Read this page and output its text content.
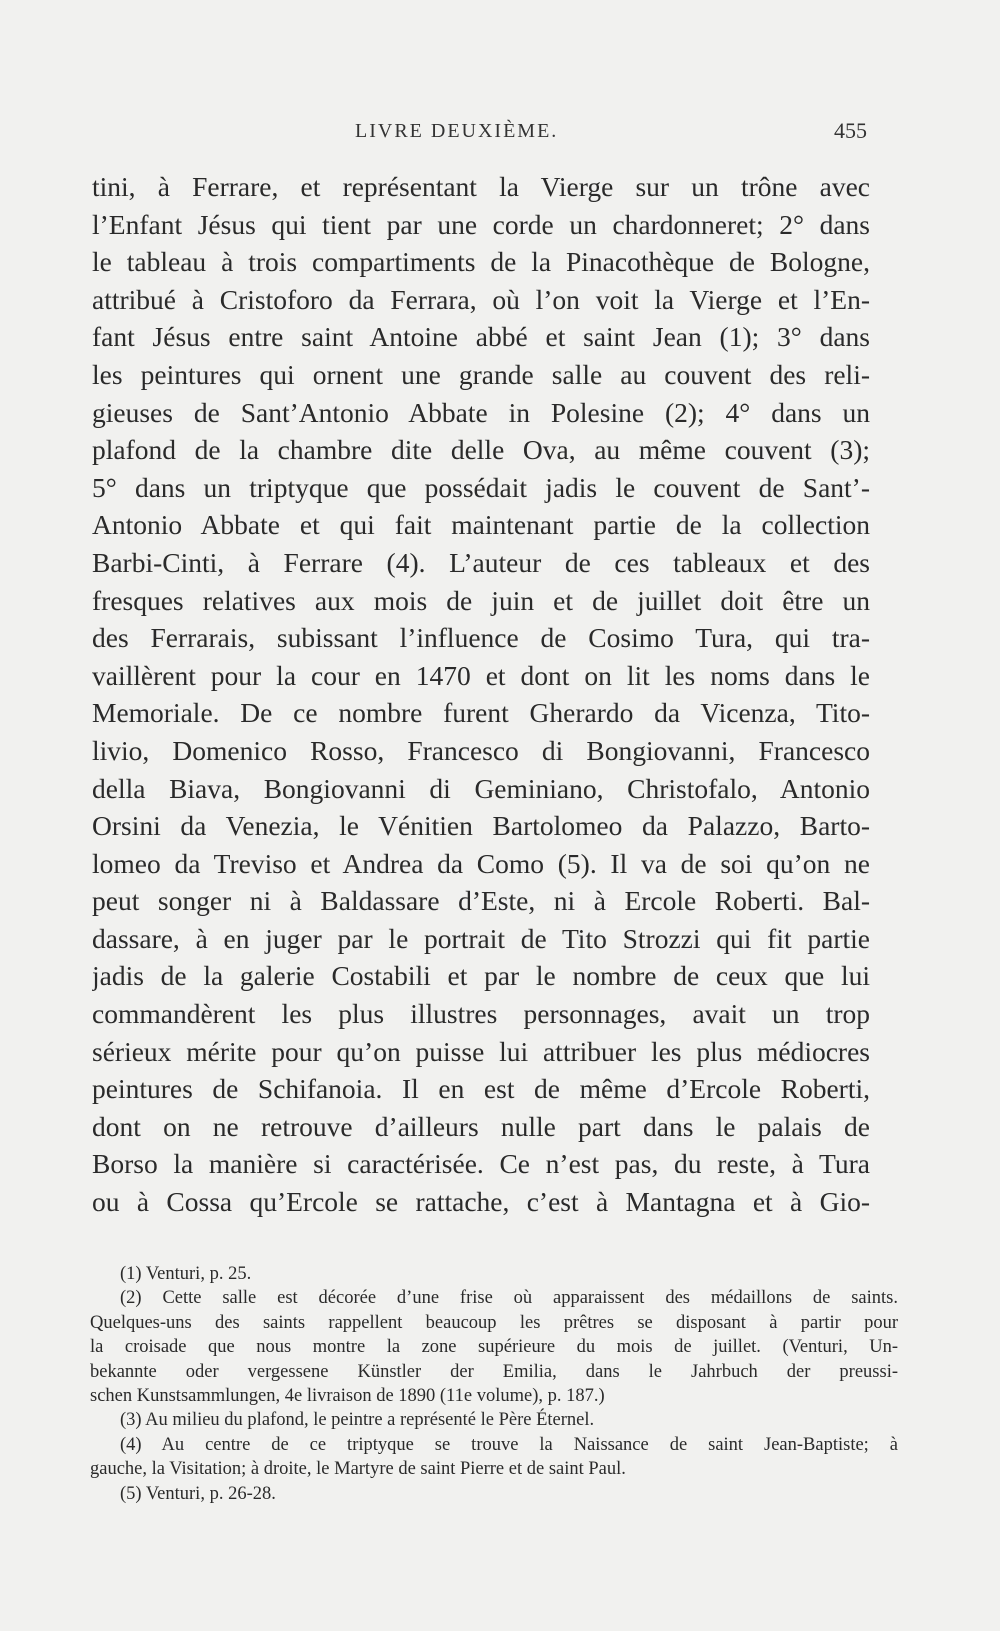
LIVRE DEUXIÈME.	455
tini, à Ferrare, et représentant la Vierge sur un trône avec
l’Enfant Jésus qui tient par une corde un chardonneret; 2° dans
le tableau à trois compartiments de la Pinacothèque de Bologne,
attribué à Cristoforo da Ferrara, où l’on voit la Vierge et l’En-
fant Jésus entre saint Antoine abbé et saint Jean (1); 3° dans
les peintures qui ornent une grande salle au couvent des reli-
gieuses de Sant’Antonio Abbate in Polesine (2); 4° dans un
plafond de la chambre dite delle Ova, au même couvent (3);
5° dans un triptyque que possédait jadis le couvent de Sant’-
Antonio Abbate et qui fait maintenant partie de la collection
Barbi-Cinti, à Ferrare (4). L’auteur de ces tableaux et des
fresques relatives aux mois de juin et de juillet doit être un
des Ferrarais, subissant l’influence de Cosimo Tura, qui tra-
vaillèrent pour la cour en 1470 et dont on lit les noms dans le
Memoriale. De ce nombre furent Gherardo da Vicenza, Tito-
livio, Domenico Rosso, Francesco di Bongiovanni, Francesco
della Biava, Bongiovanni di Geminiano, Christofalo, Antonio
Orsini da Venezia, le Vénitien Bartolomeo da Palazzo, Barto-
lomeo da Treviso et Andrea da Como (5). Il va de soi qu’on ne
peut songer ni à Baldassare d’Este, ni à Ercole Roberti. Bal-
dassare, à en juger par le portrait de Tito Strozzi qui fit partie
jadis de la galerie Costabili et par le nombre de ceux que lui
commandèrent les plus illustres personnages, avait un trop
sérieux mérite pour qu’on puisse lui attribuer les plus médiocres
peintures de Schifanoia. Il en est de même d’Ercole Roberti,
dont on ne retrouve d’ailleurs nulle part dans le palais de
Borso la manière si caractérisée. Ce n’est pas, du reste, à Tura
ou à Cossa qu’Ercole se rattache, c’est à Mantagna et à Gio-
(1) Venturi, p. 25.
(2) Cette salle est décorée d’une frise où apparaissent des médaillons de saints.
Quelques-uns des saints rappellent beaucoup les prêtres se disposant à partir pour
la croisade que nous montre la zone supérieure du mois de juillet. (Venturi, Un-
bekannte oder vergessene Künstler der Emilia, dans le Jahrbuch der preussi-
schen Kunstsammlungen, 4e livraison de 1890 (11e volume), p. 187.)
(3) Au milieu du plafond, le peintre a représenté le Père Éternel.
(4) Au centre de ce triptyque se trouve la Naissance de saint Jean-Baptiste; à
gauche, la Visitation; à droite, le Martyre de saint Pierre et de saint Paul.
(5) Venturi, p. 26-28.
